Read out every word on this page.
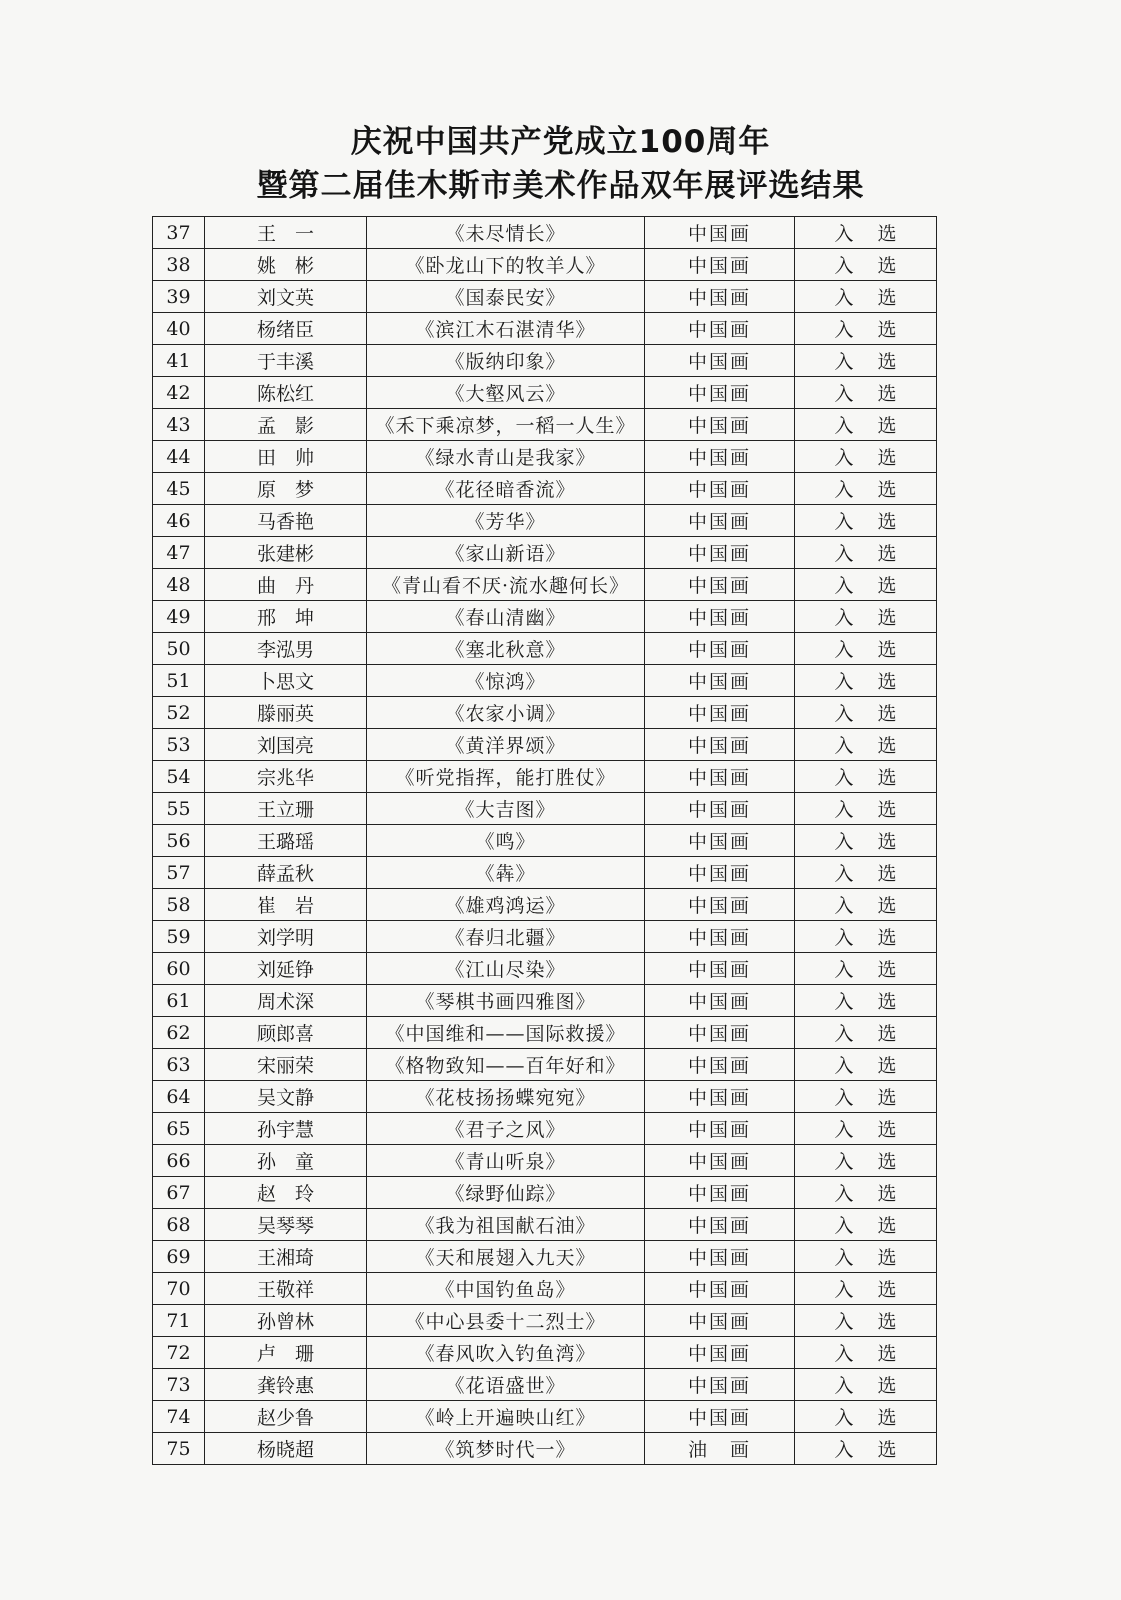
庆祝中国共产党成立100周年
暨第二届佳木斯市美术作品双年展评选结果
37	王　一	《未尽情长》	中国画	入选
38	姚　彬	《卧龙山下的牧羊人》	中国画	入选
39	刘文英	《国泰民安》	中国画	入选
40	杨绪臣	《滨江木石湛清华》	中国画	入选
41	于丰溪	《版纳印象》	中国画	入选
42	陈松红	《大壑风云》	中国画	入选
43	孟　影	《禾下乘凉梦，一稻一人生》	中国画	入选
44	田　帅	《绿水青山是我家》	中国画	入选
45	原　梦	《花径暗香流》	中国画	入选
46	马香艳	《芳华》	中国画	入选
47	张建彬	《家山新语》	中国画	入选
48	曲　丹	《青山看不厌·流水趣何长》	中国画	入选
49	邢　坤	《春山清幽》	中国画	入选
50	李泓男	《塞北秋意》	中国画	入选
51	卜思文	《惊鸿》	中国画	入选
52	滕丽英	《农家小调》	中国画	入选
53	刘国亮	《黄洋界颂》	中国画	入选
54	宗兆华	《听党指挥，能打胜仗》	中国画	入选
55	王立珊	《大吉图》	中国画	入选
56	王璐瑶	《鸣》	中国画	入选
57	薛孟秋	《犇》	中国画	入选
58	崔　岩	《雄鸡鸿运》	中国画	入选
59	刘学明	《春归北疆》	中国画	入选
60	刘延铮	《江山尽染》	中国画	入选
61	周术深	《琴棋书画四雅图》	中国画	入选
62	顾郎喜	《中国维和——国际救援》	中国画	入选
63	宋丽荣	《格物致知——百年好和》	中国画	入选
64	吴文静	《花枝扬扬蝶宛宛》	中国画	入选
65	孙宇慧	《君子之风》	中国画	入选
66	孙　童	《青山听泉》	中国画	入选
67	赵　玲	《绿野仙踪》	中国画	入选
68	吴琴琴	《我为祖国献石油》	中国画	入选
69	王湘琦	《天和展翅入九天》	中国画	入选
70	王敬祥	《中国钓鱼岛》	中国画	入选
71	孙曾林	《中心县委十二烈士》	中国画	入选
72	卢　珊	《春风吹入钓鱼湾》	中国画	入选
73	龚铃惠	《花语盛世》	中国画	入选
74	赵少鲁	《岭上开遍映山红》	中国画	入选
75	杨晓超	《筑梦时代一》	油　画	入选
